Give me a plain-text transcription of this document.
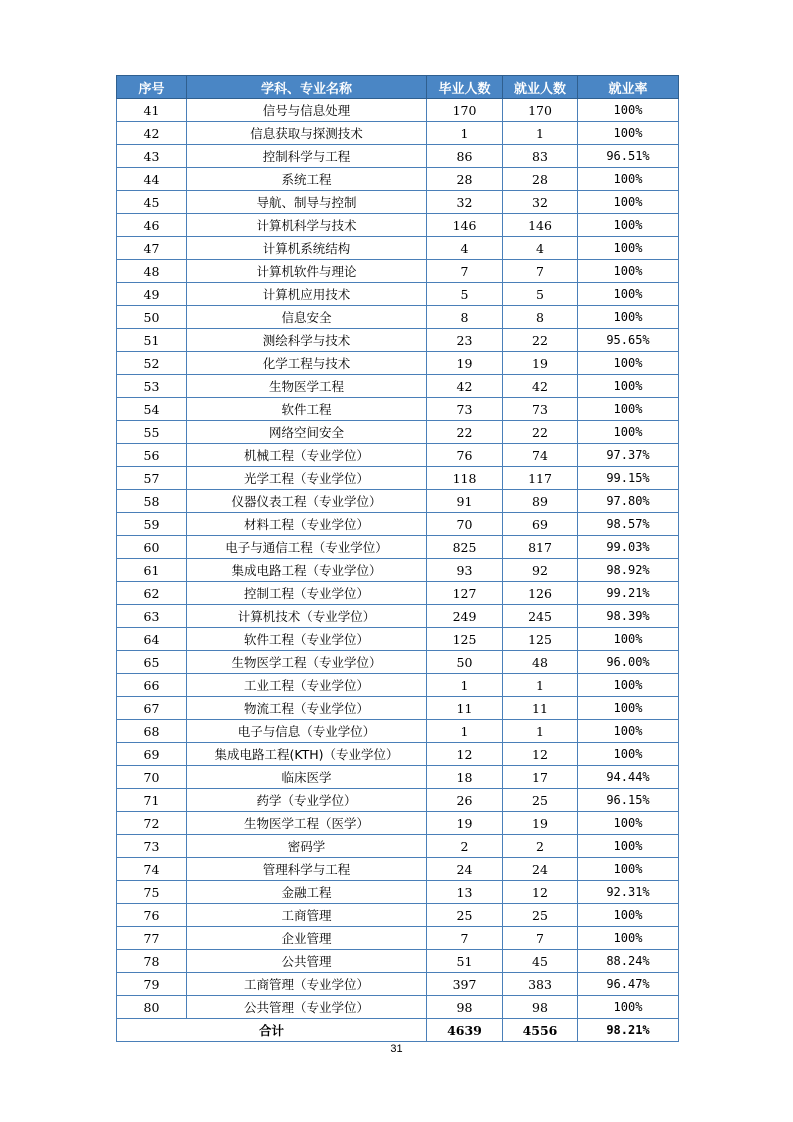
序号	学科、专业名称	毕业人数	就业人数	就业率
41	信号与信息处理	170	170	100%
42	信息获取与探测技术	1	1	100%
43	控制科学与工程	86	83	96.51%
44	系统工程	28	28	100%
45	导航、制导与控制	32	32	100%
46	计算机科学与技术	146	146	100%
47	计算机系统结构	4	4	100%
48	计算机软件与理论	7	7	100%
49	计算机应用技术	5	5	100%
50	信息安全	8	8	100%
51	测绘科学与技术	23	22	95.65%
52	化学工程与技术	19	19	100%
53	生物医学工程	42	42	100%
54	软件工程	73	73	100%
55	网络空间安全	22	22	100%
56	机械工程（专业学位）	76	74	97.37%
57	光学工程（专业学位）	118	117	99.15%
58	仪器仪表工程（专业学位）	91	89	97.80%
59	材料工程（专业学位）	70	69	98.57%
60	电子与通信工程（专业学位）	825	817	99.03%
61	集成电路工程（专业学位）	93	92	98.92%
62	控制工程（专业学位）	127	126	99.21%
63	计算机技术（专业学位）	249	245	98.39%
64	软件工程（专业学位）	125	125	100%
65	生物医学工程（专业学位）	50	48	96.00%
66	工业工程（专业学位）	1	1	100%
67	物流工程（专业学位）	11	11	100%
68	电子与信息（专业学位）	1	1	100%
69	集成电路工程(KTH)（专业学位）	12	12	100%
70	临床医学	18	17	94.44%
71	药学（专业学位）	26	25	96.15%
72	生物医学工程（医学）	19	19	100%
73	密码学	2	2	100%
74	管理科学与工程	24	24	100%
75	金融工程	13	12	92.31%
76	工商管理	25	25	100%
77	企业管理	7	7	100%
78	公共管理	51	45	88.24%
79	工商管理（专业学位）	397	383	96.47%
80	公共管理（专业学位）	98	98	100%
合计		4639	4556	98.21%
31
